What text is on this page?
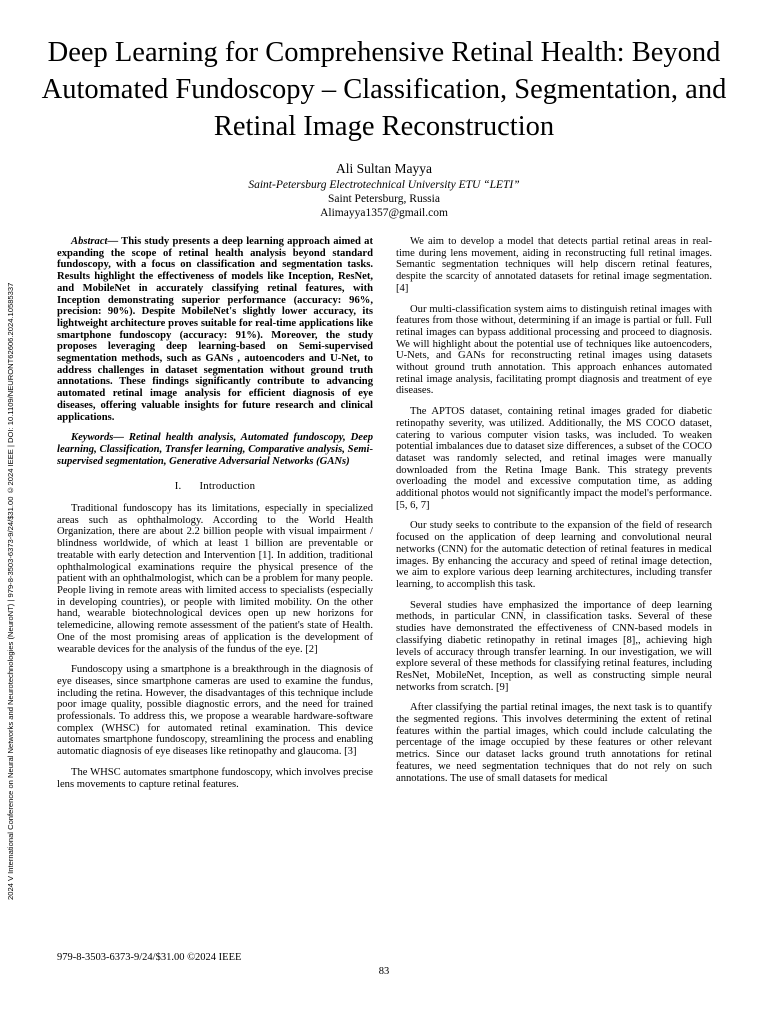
2024 V International Conference on Neural Networks and Neurotechnologies (NeuroNT) | 979-8-3503-6373-9/24/$31.00 ©2024 IEEE | DOI: 10.1109/NEURONT62606.2024.10585337
Deep Learning for Comprehensive Retinal Health: Beyond Automated Fundoscopy – Classification, Segmentation, and Retinal Image Reconstruction
Ali Sultan Mayya
Saint-Petersburg Electrotechnical University ETU “LETI”
Saint Petersburg, Russia
Alimayya1357@gmail.com

Abstract— This study presents a deep learning approach aimed at expanding the scope of retinal health analysis beyond standard fundoscopy, with a focus on classification and segmentation tasks. Results highlight the effectiveness of models like Inception, ResNet, and MobileNet in accurately classifying retinal features, with Inception demonstrating superior performance (accuracy: 96%, precision: 90%). Despite MobileNet's slightly lower accuracy, its lightweight architecture proves suitable for real-time applications like smartphone fundoscopy (accuracy: 91%). Moreover, the study proposes leveraging deep learning-based on Semi-supervised segmentation methods, such as GANs , autoencoders and U-Net, to address challenges in dataset segmentation without ground truth annotations. These findings significantly contribute to advancing automated retinal image analysis for efficient diagnosis of eye diseases, offering valuable insights for future research and clinical applications.

Keywords— Retinal health analysis, Automated fundoscopy, Deep learning, Classification, Transfer learning, Comparative analysis, Semi-supervised segmentation, Generative Adversarial Networks (GANs)

I. Introduction

Traditional fundoscopy has its limitations, especially in specialized areas such as ophthalmology. According to the World Health Organization, there are about 2.2 billion people with visual impairment / blindness worldwide, of which at least 1 billion are preventable or treatable with early detection and Intervention [1]. In addition, traditional ophthalmological examinations require the physical presence of the patient with an ophthalmologist, which can be a problem for many people. People living in remote areas with limited access to specialists (especially in developing countries), or people with limited mobility. On the other hand, wearable biotechnological devices open up new horizons for telemedicine, allowing remote assessment of the patient's state of Health. One of the most promising areas of application is the development of wearable devices for the analysis of the fundus of the eye. [2]

Fundoscopy using a smartphone is a breakthrough in the diagnosis of eye diseases, since smartphone cameras are used to examine the fundus, including the retina. However, the disadvantages of this technique include poor image quality, possible diagnostic errors, and the need for trained professionals. To address this, we propose a wearable hardware-software complex (WHSC) for automated retinal examination. This device automates smartphone fundoscopy, streamlining the process and enabling automatic diagnosis of eye diseases like retinopathy and glaucoma. [3]

The WHSC automates smartphone fundoscopy, which involves precise lens movements to capture retinal features.

We aim to develop a model that detects partial retinal areas in real-time during lens movement, aiding in reconstructing full retinal images. Semantic segmentation techniques will help discern retinal features, despite the scarcity of annotated datasets for retinal image segmentation. [4]

Our multi-classification system aims to distinguish retinal images with features from those without, determining if an image is partial or full. Full retinal images can bypass additional processing and proceed to diagnosis. We will highlight about the potential use of techniques like autoencoders, U-Nets, and GANs for reconstructing retinal images using datasets without ground truth annotation. This approach enhances automated retinal image analysis, facilitating prompt diagnosis and treatment of eye diseases.

The APTOS dataset, containing retinal images graded for diabetic retinopathy severity, was utilized. Additionally, the MS COCO dataset, catering to various computer vision tasks, was included. To weaken potential imbalances due to dataset size differences, a subset of the COCO dataset was randomly selected, and retinal images were manually downloaded from the Retina Image Bank. This strategy prevents overloading the model and excessive computation time, as adding additional photos would not significantly impact the model's performance. [5, 6, 7]

Our study seeks to contribute to the expansion of the field of research focused on the application of deep learning and convolutional neural networks (CNN) for the automatic detection of retinal features in medical images. By enhancing the accuracy and speed of retinal image detection, we aim to explore various deep learning architectures, including transfer learning, to accomplish this task.

Several studies have emphasized the importance of deep learning methods, in particular CNN, in classification tasks. Several of these studies have demonstrated the effectiveness of CNN-based models in classifying diabetic retinopathy in retinal images [8],, achieving high levels of accuracy through transfer learning. In our investigation, we will explore several of these methods for classifying retinal features, including ResNet, MobileNet, Inception, as well as constructing simple neural networks from scratch. [9]

After classifying the partial retinal images, the next task is to quantify the segmented regions. This involves determining the extent of retinal features within the partial images, which could include calculating the percentage of the image occupied by these features or other relevant metrics. Since our dataset lacks ground truth annotations for retinal features, we need segmentation techniques that do not rely on such annotations. The use of small datasets for medical

979-8-3503-6373-9/24/$31.00 ©2024 IEEE
83
